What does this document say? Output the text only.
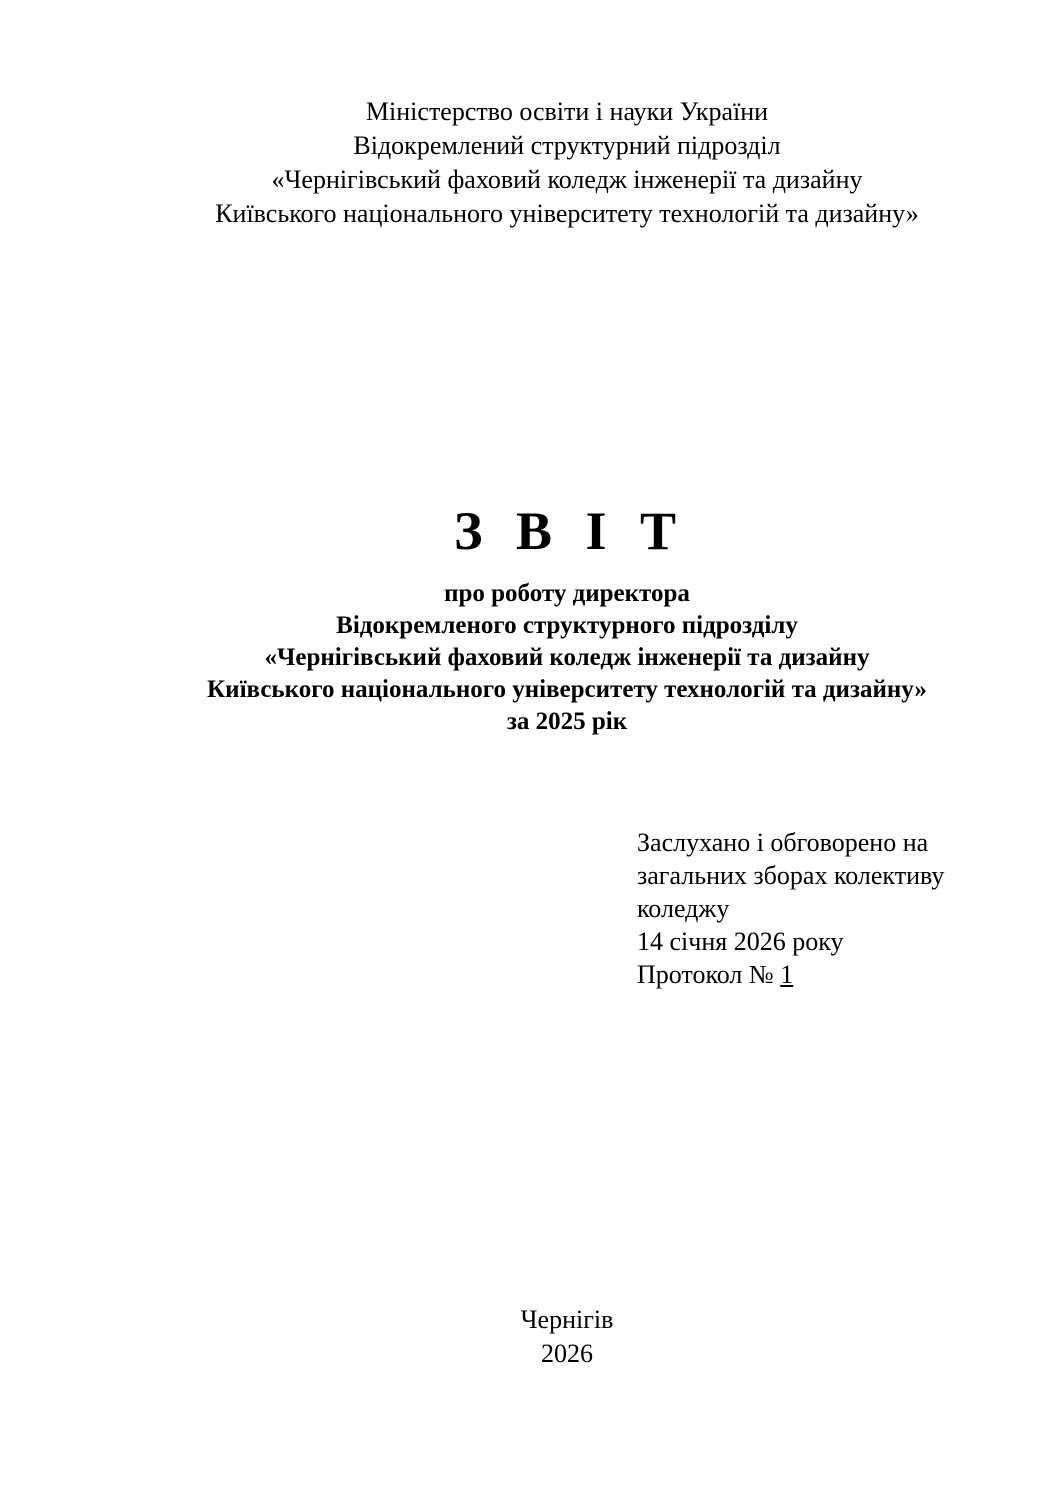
Міністерство освіти і науки України
Відокремлений структурний підрозділ
«Чернігівський фаховий коледж інженерії та дизайну
Київського національного університету технологій та дизайну»
З В І Т
про роботу директора
Відокремленого структурного підрозділу
«Чернігівський фаховий коледж інженерії та дизайну
Київського національного університету технологій та дизайну»
за 2025 рік
Заслухано і обговорено на
загальних зборах колективу
коледжу
14 січня 2026 року
Протокол № 1
Чернігів
2026
